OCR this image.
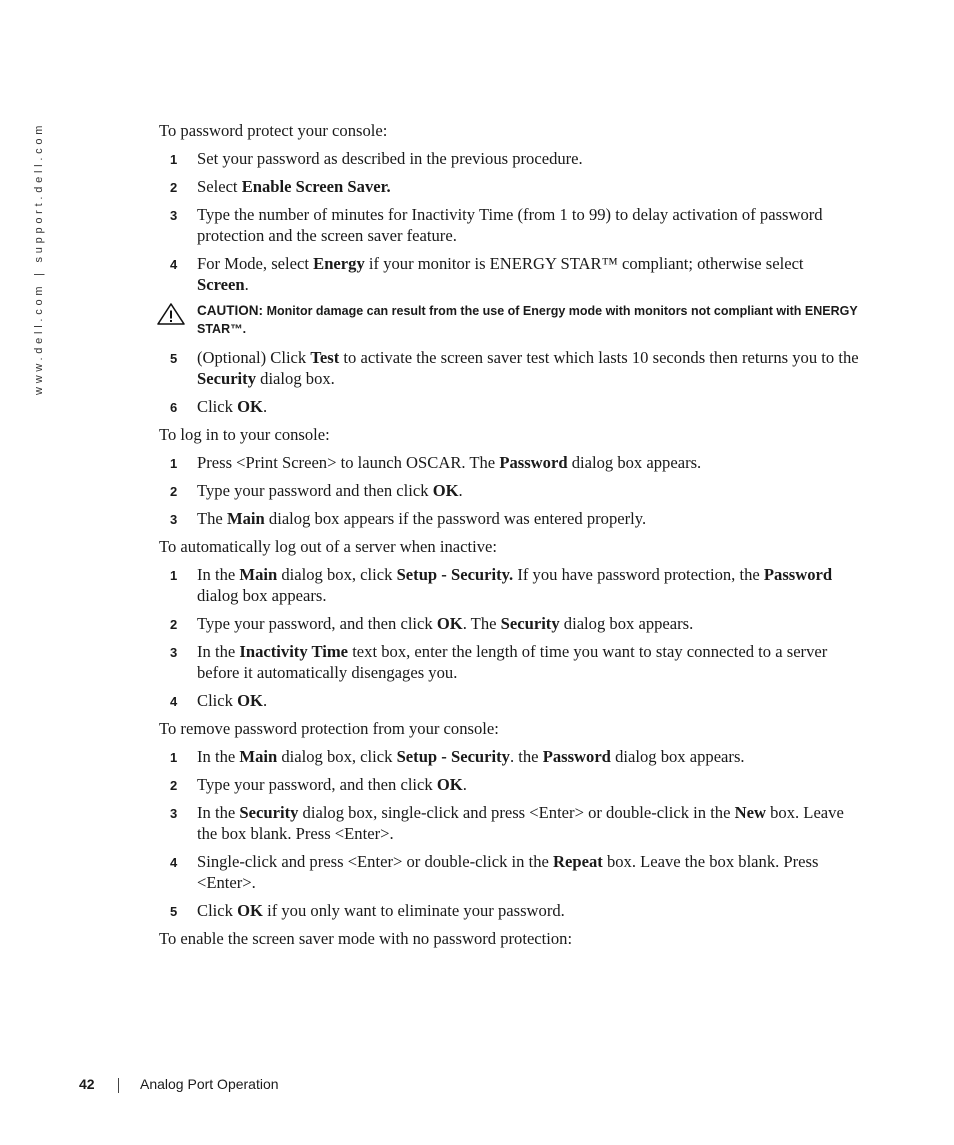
www.dell.com | support.dell.com	To password protect your console:

1 Set your password as described in the previous procedure.
2 Select Enable Screen Saver.
3 Type the number of minutes for Inactivity Time (from 1 to 99) to delay activation of password protection and the screen saver feature.
4 For Mode, select Energy if your monitor is ENERGY STAR™ compliant; otherwise select Screen.
CAUTION: Monitor damage can result from the use of Energy mode with monitors not compliant with ENERGY STAR™.
5 (Optional) Click Test to activate the screen saver test which lasts 10 seconds then returns you to the Security dialog box.
6 Click OK.

To log in to your console:

1 Press <Print Screen> to launch OSCAR. The Password dialog box appears.
2 Type your password and then click OK.
3 The Main dialog box appears if the password was entered properly.

To automatically log out of a server when inactive:

1 In the Main dialog box, click Setup - Security. If you have password protection, the Password dialog box appears.
2 Type your password, and then click OK. The Security dialog box appears.
3 In the Inactivity Time text box, enter the length of time you want to stay connected to a server before it automatically disengages you.
4 Click OK.

To remove password protection from your console:

1 In the Main dialog box, click Setup - Security. the Password dialog box appears.
2 Type your password, and then click OK.
3 In the Security dialog box, single-click and press <Enter> or double-click in the New box. Leave the box blank. Press <Enter>.
4 Single-click and press <Enter> or double-click in the Repeat box. Leave the box blank. Press <Enter>.
5 Click OK if you only want to eliminate your password.

To enable the screen saver mode with no password protection:

42	Analog Port Operation
